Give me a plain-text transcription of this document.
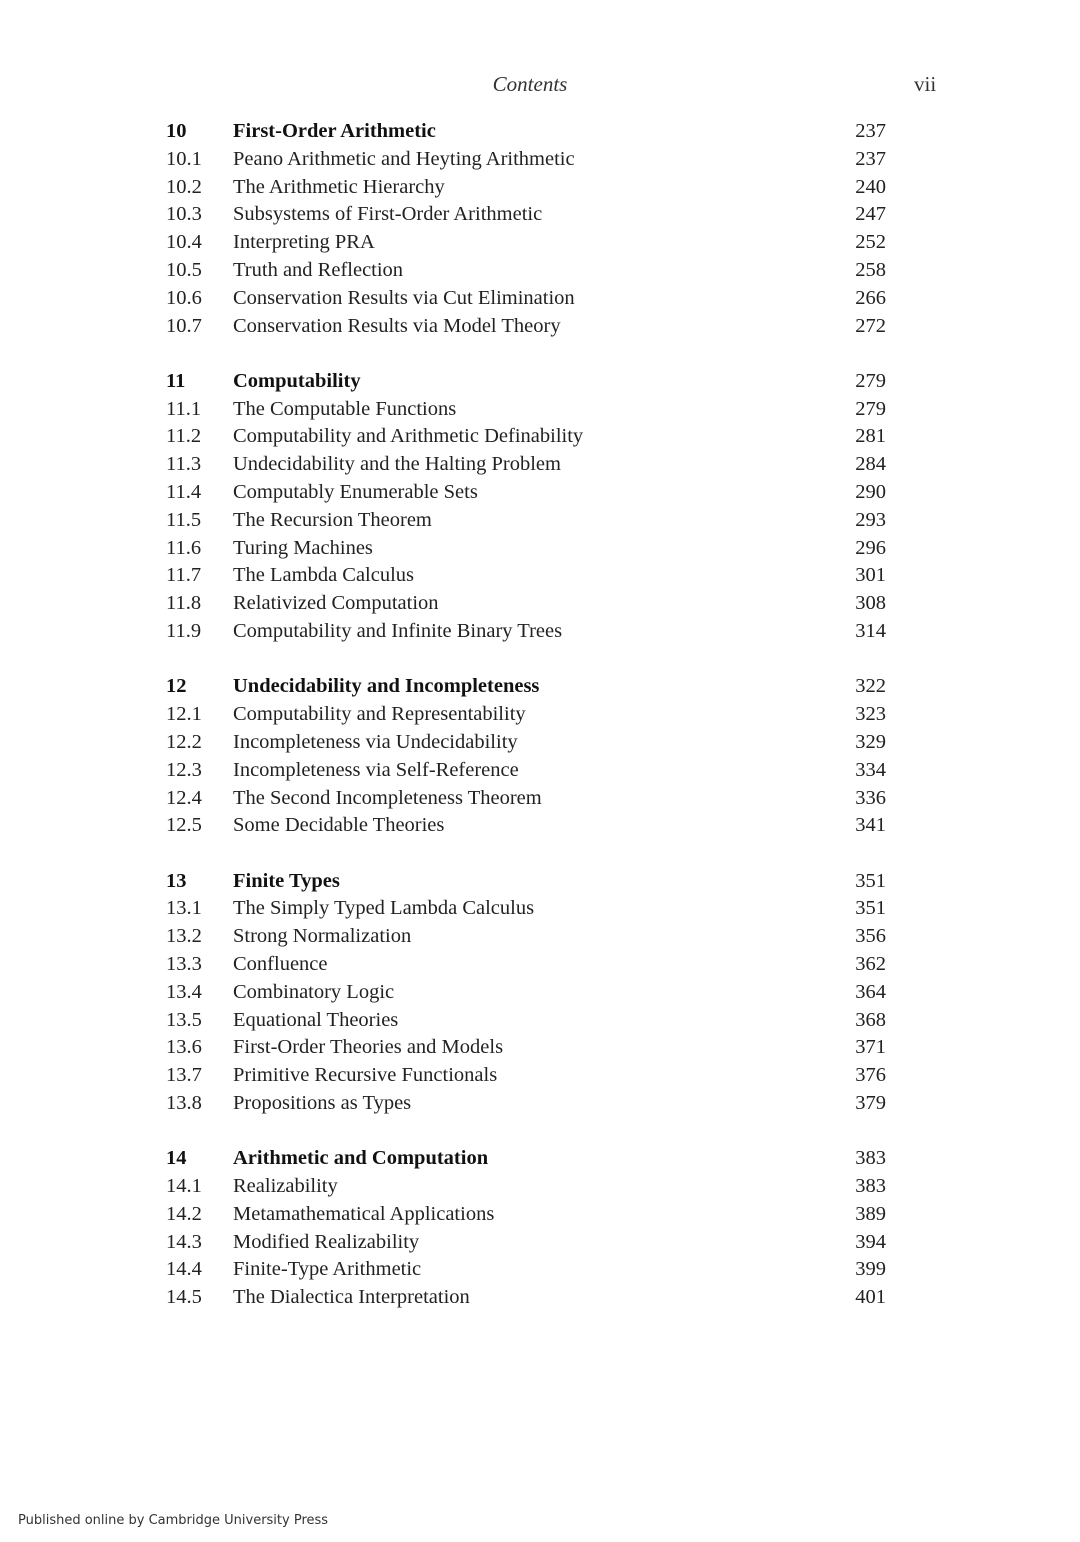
Contents	vii
10 First-Order Arithmetic	237
10.1 Peano Arithmetic and Heyting Arithmetic	237
10.2 The Arithmetic Hierarchy	240
10.3 Subsystems of First-Order Arithmetic	247
10.4 Interpreting PRA	252
10.5 Truth and Reflection	258
10.6 Conservation Results via Cut Elimination	266
10.7 Conservation Results via Model Theory	272
11 Computability	279
11.1 The Computable Functions	279
11.2 Computability and Arithmetic Definability	281
11.3 Undecidability and the Halting Problem	284
11.4 Computably Enumerable Sets	290
11.5 The Recursion Theorem	293
11.6 Turing Machines	296
11.7 The Lambda Calculus	301
11.8 Relativized Computation	308
11.9 Computability and Infinite Binary Trees	314
12 Undecidability and Incompleteness	322
12.1 Computability and Representability	323
12.2 Incompleteness via Undecidability	329
12.3 Incompleteness via Self-Reference	334
12.4 The Second Incompleteness Theorem	336
12.5 Some Decidable Theories	341
13 Finite Types	351
13.1 The Simply Typed Lambda Calculus	351
13.2 Strong Normalization	356
13.3 Confluence	362
13.4 Combinatory Logic	364
13.5 Equational Theories	368
13.6 First-Order Theories and Models	371
13.7 Primitive Recursive Functionals	376
13.8 Propositions as Types	379
14 Arithmetic and Computation	383
14.1 Realizability	383
14.2 Metamathematical Applications	389
14.3 Modified Realizability	394
14.4 Finite-Type Arithmetic	399
14.5 The Dialectica Interpretation	401
Published online by Cambridge University Press
